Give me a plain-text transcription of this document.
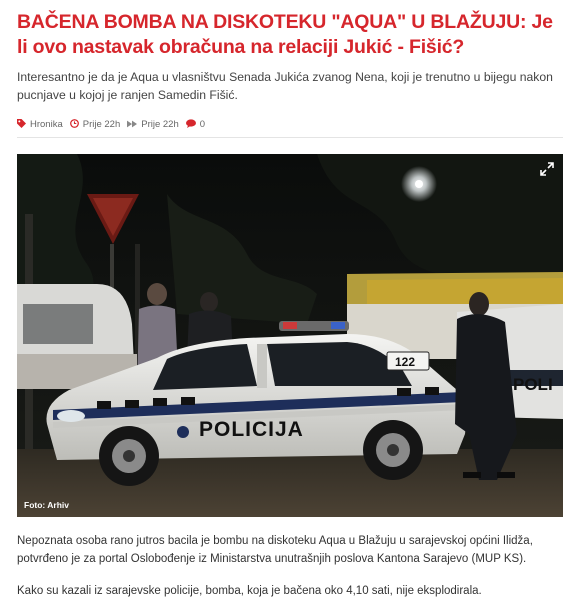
BAČENA BOMBA NA DISKOTEKU "AQUA" U BLAŽUJU: Je li ovo nastavak obračuna na relaciji Jukić - Fišić?

Interesantno je da je Aqua u vlasništvu Senada Jukića zvanog Nena, koji je trenutno u bijegu nakon pucnjave u kojoj je ranjen Samedin Fišić.

Hronika Prije 22h Prije 22h 0
POLI
POLICIJA
122
Foto: Arhiv

Nepoznata osoba rano jutros bacila je bombu na diskoteku Aqua u Blažuju u sarajevskoj općini Ilidža, potvrđeno je za portal Oslobođenje iz Ministarstva unutrašnjih poslova Kantona Sarajevo (MUP KS).

Kako su kazali iz sarajevske policije, bomba, koja je bačena oko 4,10 sati, nije eksplodirala.
